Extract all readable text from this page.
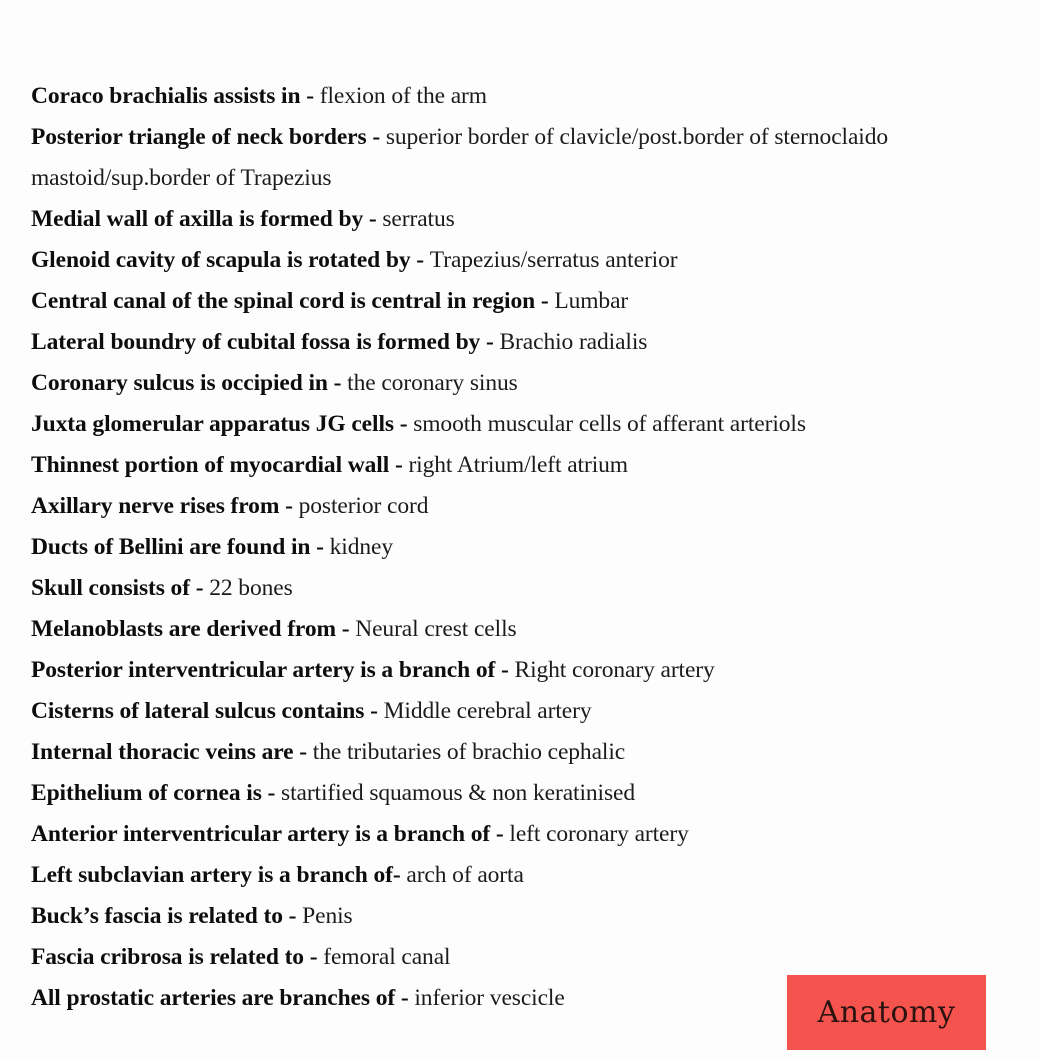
Coraco brachialis assists in - flexion of the arm
Posterior triangle of neck borders - superior border of clavicle/post.border of sternoclaido mastoid/sup.border of Trapezius
Medial wall of axilla is formed by - serratus
Glenoid cavity of scapula is rotated by - Trapezius/serratus anterior
Central canal of the spinal cord is central in region - Lumbar
Lateral boundry of cubital fossa is formed by - Brachio radialis
Coronary sulcus is occipied in - the coronary sinus
Juxta glomerular apparatus JG cells - smooth muscular cells of afferant arteriols
Thinnest portion of myocardial wall - right Atrium/left atrium
Axillary nerve rises from - posterior cord
Ducts of Bellini are found in - kidney
Skull consists of - 22 bones
Melanoblasts are derived from - Neural crest cells
Posterior interventricular artery is a branch of - Right coronary artery
Cisterns of lateral sulcus contains - Middle cerebral artery
Internal thoracic veins are - the tributaries of brachio cephalic
Epithelium of cornea is - startified squamous & non keratinised
Anterior interventricular artery is a branch of - left coronary artery
Left subclavian artery is a branch of- arch of aorta
Buck’s fascia is related to - Penis
Fascia cribrosa is related to - femoral canal
All prostatic arteries are branches of - inferior vescicle	Anatomy
